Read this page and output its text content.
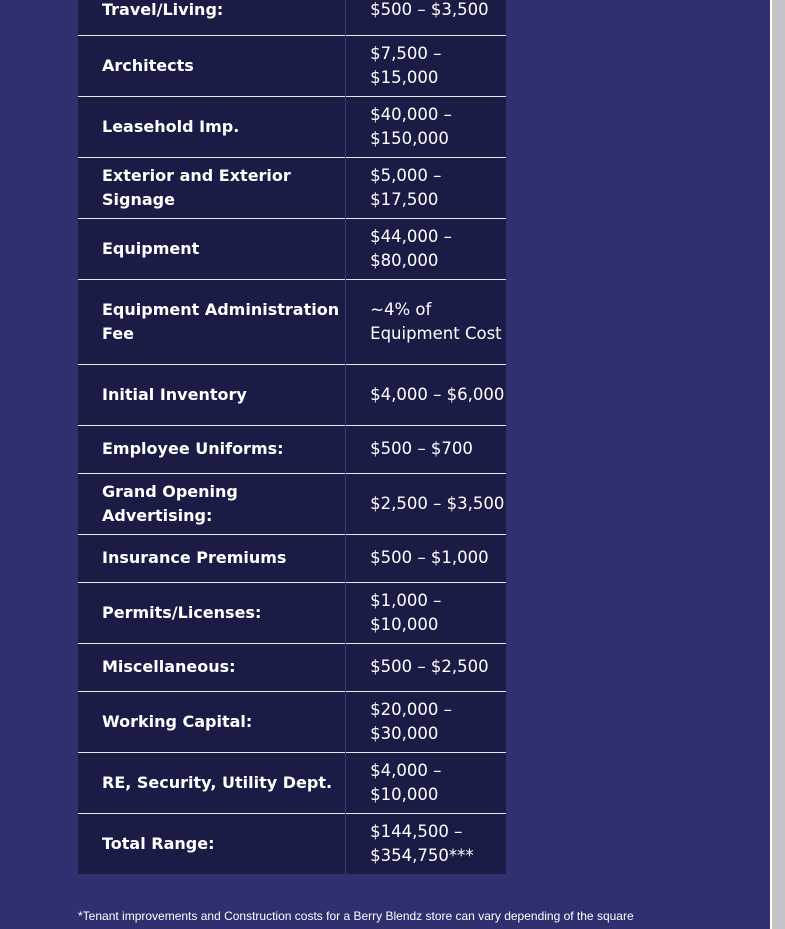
Travel/Living:	$500 – $3,500
Architects	$7,500 – $15,000
Leasehold Imp.	$40,000 – $150,000
Exterior and Exterior Signage	$5,000 – $17,500
Equipment	$44,000 – $80,000
Equipment Administration Fee	~4% of Equipment Cost
Initial Inventory	$4,000 – $6,000
Employee Uniforms:	$500 – $700
Grand Opening Advertising:	$2,500 – $3,500
Insurance Premiums	$500 – $1,000
Permits/Licenses:	$1,000 – $10,000
Miscellaneous:	$500 – $2,500
Working Capital:	$20,000 – $30,000
RE, Security, Utility Dept.	$4,000 – $10,000
Total Range:	$144,500 – $354,750***
*Tenant improvements and Construction costs for a Berry Blendz store can vary depending of the square
